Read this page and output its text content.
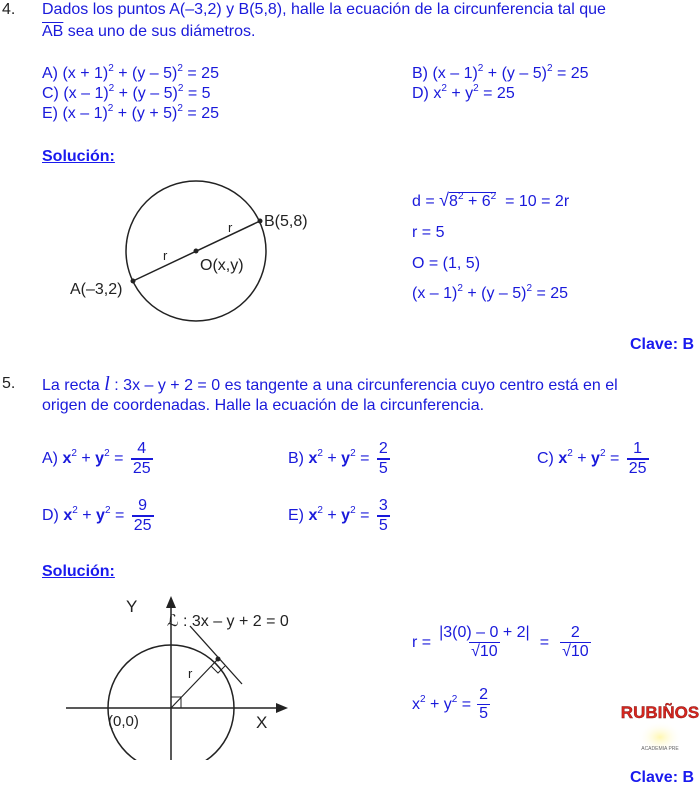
4. Dados los puntos A(–3,2) y B(5,8), halle la ecuación de la circunferencia tal que
$\overline{AB}$ sea uno de sus diámetros.
A) $(x + 1)^2 + (y - 5)^2 = 25$	B) (x – 1)$^2$ + (y – 5)$^2$ = 25
C) (x – 1)$^2$ + (y – 5)$^2$ = 5	D) $x^2 + y^2 = 25$
E) $(x - 1)^2 + (y + 5)^2 = 25$
Solución:
B(5,8)
A(–3,2)
O(x,y)
r
r
$d = √8^2 + 6^2 = 10 = 2r$
r = 5
O = (1, 5)
(x – 1)$^2$ + (y – 5)$^2$ = 25
Clave: B
5. La recta l : 3x – y + 2 = 0 es tangente a una circunferencia cuyo centro está en el
origen de coordenadas. Halle la ecuación de la circunferencia.
A) $x^2 + y^2 = \frac{4}{25}$	B) $x^2 + y^2 = \frac{2}{5}$	C) $x^2 + y^2 = \frac{1}{25}$
D) $x^2 + y^2 = \frac{9}{25}$	E) $x^2 + y^2 = \frac{3}{5}$
Solución:
Y
X
(0,0)
r
ℒ : 3x – y + 2 = 0
$r = \frac{|3(0) - 0 + 2|}{√10} = \frac{2}{√10}$
$x^2 + y^2 = \frac{2}{5}$	RUBIÑOS
ACADEMIA PRE
Clave: B
